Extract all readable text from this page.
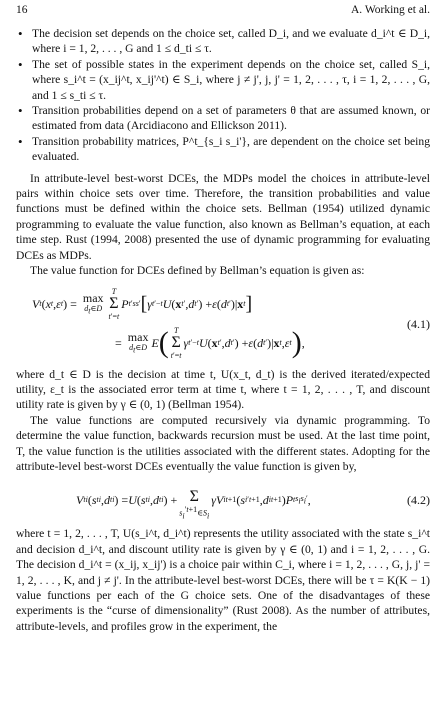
16	A. Working et al.
• The decision set depends on the choice set, called D_i, and we evaluate d_i^t ∈ D_i, where i = 1, 2, . . . , G and 1 ≤ d_ti ≤ τ.
• The set of possible states in the experiment depends on the choice set, called S_i, where s_i^t = (x_ij^t, x_ij'^t) ∈ S_i, where j ≠ j', j, j' = 1, 2, . . . , τ, i = 1, 2, . . . , G, and 1 ≤ s_ti ≤ τ.
• Transition probabilities depend on a set of parameters θ that are assumed known, or estimated from data (Arcidiacono and Ellickson 2011).
• Transition probability matrices, P^t_{s_i s_i'}, are dependent on the choice set being evaluated.

In attribute-level best-worst DCEs, the MDPs model the choices in attribute-level pairs within choice sets over time. Therefore, the transition probabilities and value functions must be defined within the choice sets. Bellman (1954) utilized dynamic programming to evaluate the value function, also known as Bellman’s equation, at each time step. Rust (1994, 2008) presented the use of dynamic programming for evaluating DCEs as MDPs.

The value function for DCEs defined by Bellman’s equation is given as:

V t ( x t , ε t ) = max
$d_t\in D$
T
Σ
t′=t
P t′ ss′ [ γ t′−t U ( x t′ , d t′ ) + ε ( d t′ )| x t ]
= max
$d_t\in D$ E ( T
Σ
t′=t
γ t′−t U ( x t′ , d t′ ) + ε ( d t′ )| x t , ε t ) ,
(4.1)

where d_t ∈ D is the decision at time t, U(x_t, d_t) is the derived iterated/expected utility, ε_t is the associated error term at time t, where t = 1, 2, . . . , T, and discount utility rate is given by γ ∈ (0, 1) (Bellman 1954).

The value functions are computed recursively via dynamic programming. To determine the value function, backwards recursion must be used. At the last time point, T, the value function is the utilities associated with the different states. Adopting for the attribute-level best-worst DCEs eventually the value function is given by,

V t i ( s t i , d t i ) = U ( s t i , d t i ) +
Σ
$s_i^{'t+1}\in S_i$
γ V i t+1 ( s i ′t+1 , d i t+1 ) P t $s_is_i'$ ,	(4.2)

where t = 1, 2, . . . , T, U(s_i^t, d_i^t) represents the utility associated with the state s_i^t and decision d_i^t, and discount utility rate is given by γ ∈ (0, 1) and i = 1, 2, . . . , G. The decision d_i^t = (x_ij, x_ij') is a choice pair within C_i, where i = 1, 2, . . . , G, j, j' = 1, 2, . . . , K, and j ≠ j'. In the attribute-level best-worst DCEs, there will be τ = K(K − 1) value functions per each of the G choice sets. One of the disadvantages of these experiments is the “curse of dimensionality” (Rust 2008). As the number of attributes, attribute-levels, and profiles grow in the experiment, the
